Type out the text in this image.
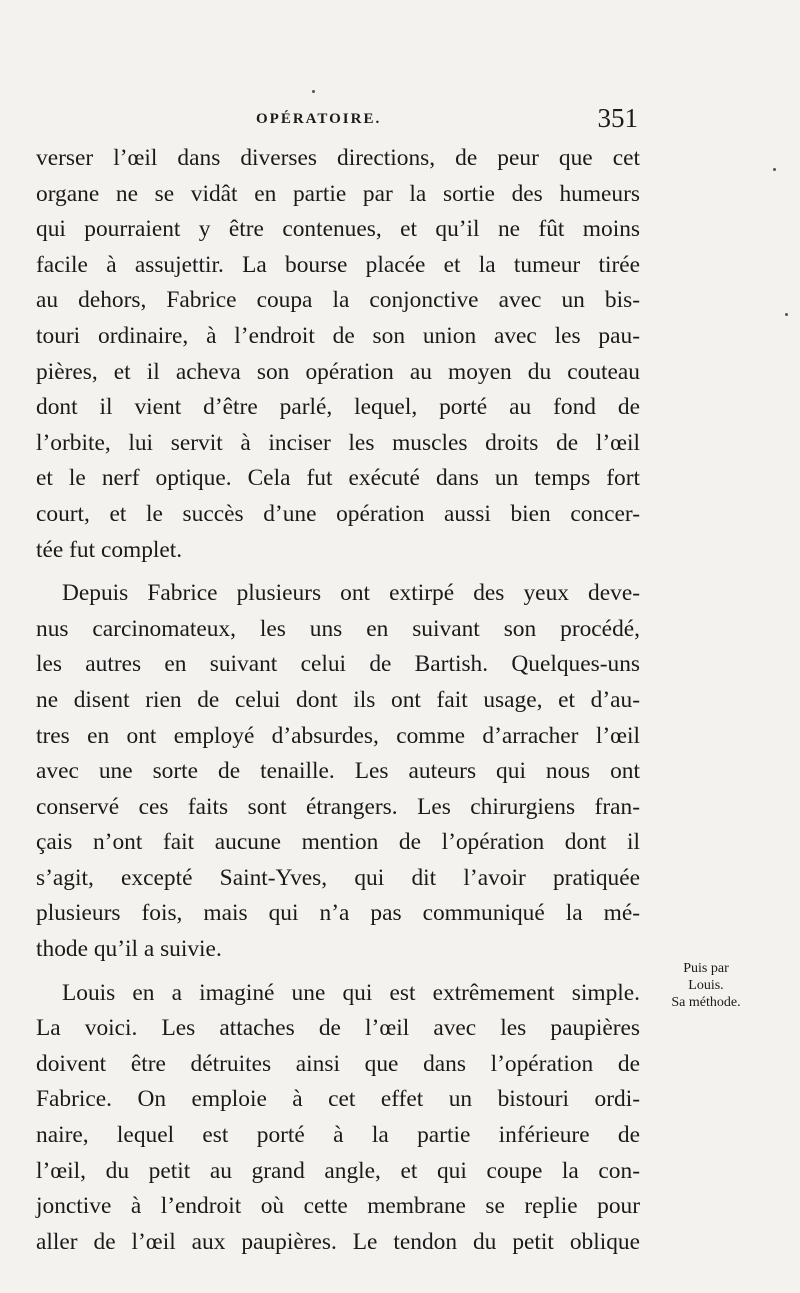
OPÉRATOIRE.	351
verser l’œil dans diverses directions, de peur que cet
organe ne se vidât en partie par la sortie des humeurs
qui pourraient y être contenues, et qu’il ne fût moins
facile à assujettir. La bourse placée et la tumeur tirée
au dehors, Fabrice coupa la conjonctive avec un bis-
touri ordinaire, à l’endroit de son union avec les pau-
pières, et il acheva son opération au moyen du couteau
dont il vient d’être parlé, lequel, porté au fond de
l’orbite, lui servit à inciser les muscles droits de l’œil
et le nerf optique. Cela fut exécuté dans un temps fort
court, et le succès d’une opération aussi bien concer-
tée fut complet.
Depuis Fabrice plusieurs ont extirpé des yeux deve-
nus carcinomateux, les uns en suivant son procédé,
les autres en suivant celui de Bartish. Quelques-uns
ne disent rien de celui dont ils ont fait usage, et d’au-
tres en ont employé d’absurdes, comme d’arracher l’œil
avec une sorte de tenaille. Les auteurs qui nous ont
conservé ces faits sont étrangers. Les chirurgiens fran-
çais n’ont fait aucune mention de l’opération dont il
s’agit, excepté Saint-Yves, qui dit l’avoir pratiquée
plusieurs fois, mais qui n’a pas communiqué la mé-
thode qu’il a suivie.
Louis en a imaginé une qui est extrêmement simple.
La voici. Les attaches de l’œil avec les paupières
doivent être détruites ainsi que dans l’opération de
Fabrice. On emploie à cet effet un bistouri ordi-
naire, lequel est porté à la partie inférieure de
l’œil, du petit au grand angle, et qui coupe la con-
jonctive à l’endroit où cette membrane se replie pour
aller de l’œil aux paupières. Le tendon du petit oblique
Puis par
Louis.
Sa méthode.
